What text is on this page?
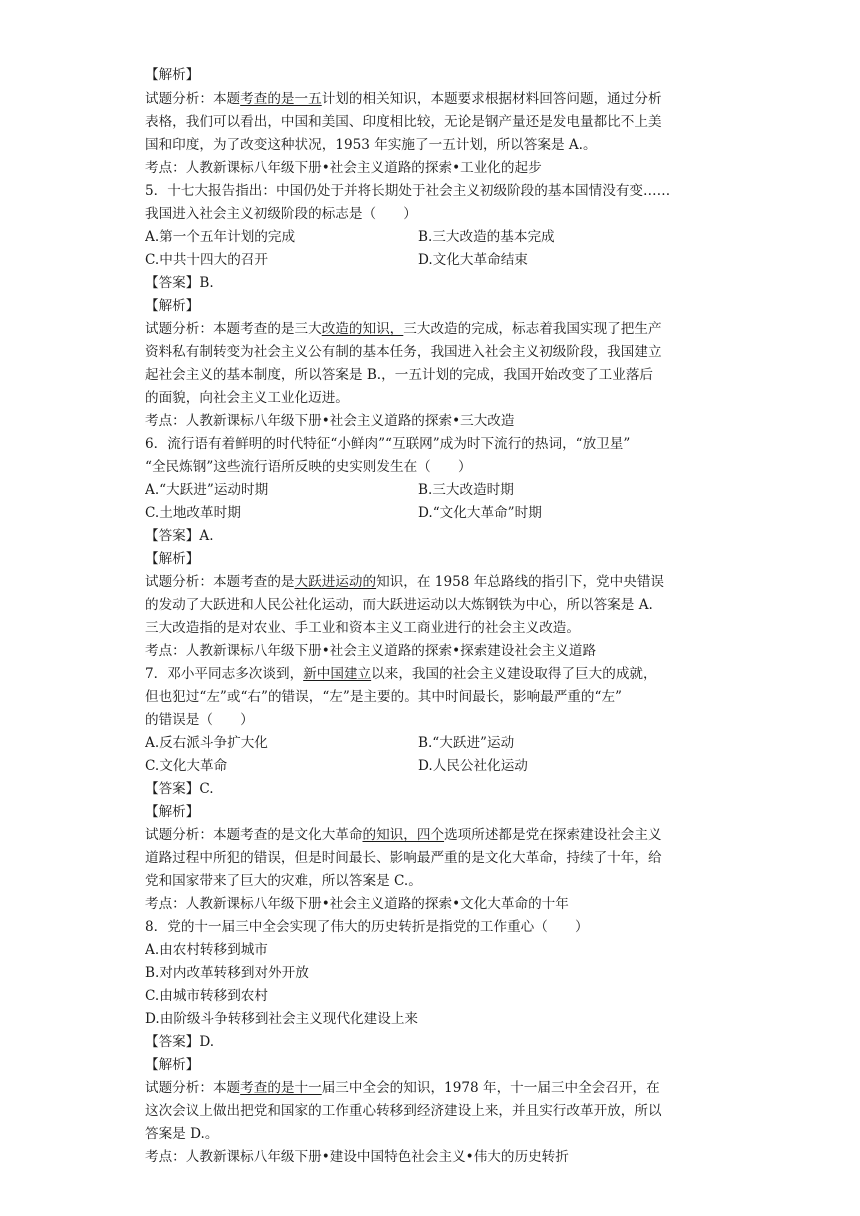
【解析】
试题分析：本题考查的是一五计划的相关知识，本题要求根据材料回答问题，通过分析
表格，我们可以看出，中国和美国、印度相比较，无论是钢产量还是发电量都比不上美
国和印度，为了改变这种状况，1953 年实施了一五计划，所以答案是 A.。
考点：人教新课标八年级下册•社会主义道路的探索•工业化的起步
5．十七大报告指出：中国仍处于并将长期处于社会主义初级阶段的基本国情没有变……
我国进入社会主义初级阶段的标志是（　　）
A.第一个五年计划的完成	B.三大改造的基本完成
C.中共十四大的召开	D.文化大革命结束
【答案】B.
【解析】
试题分析：本题考查的是三大改造的知识，三大改造的完成，标志着我国实现了把生产
资料私有制转变为社会主义公有制的基本任务，我国进入社会主义初级阶段，我国建立
起社会主义的基本制度，所以答案是 B.，一五计划的完成，我国开始改变了工业落后
的面貌，向社会主义工业化迈进。
考点：人教新课标八年级下册•社会主义道路的探索•三大改造
6．流行语有着鲜明的时代特征“小鲜肉”“互联网”成为时下流行的热词，“放卫星”
“全民炼钢”这些流行语所反映的史实则发生在（　　）
A.“大跃进”运动时期	B.三大改造时期
C.土地改革时期	D.“文化大革命”时期
【答案】A.
【解析】
试题分析：本题考查的是大跃进运动的知识，在 1958 年总路线的指引下，党中央错误
的发动了大跃进和人民公社化运动，而大跃进运动以大炼钢铁为中心，所以答案是 A.
三大改造指的是对农业、手工业和资本主义工商业进行的社会主义改造。
考点：人教新课标八年级下册•社会主义道路的探索•探索建设社会主义道路
7．邓小平同志多次谈到，新中国建立以来，我国的社会主义建设取得了巨大的成就，
但也犯过“左”或“右”的错误，“左”是主要的。其中时间最长，影响最严重的“左”
的错误是（　　）
A.反右派斗争扩大化	B.“大跃进”运动
C.文化大革命	D.人民公社化运动
【答案】C.
【解析】
试题分析：本题考查的是文化大革命的知识，四个选项所述都是党在探索建设社会主义
道路过程中所犯的错误，但是时间最长、影响最严重的是文化大革命，持续了十年，给
党和国家带来了巨大的灾难，所以答案是 C.。
考点：人教新课标八年级下册•社会主义道路的探索•文化大革命的十年
8．党的十一届三中全会实现了伟大的历史转折是指党的工作重心（　　）
A.由农村转移到城市
B.对内改革转移到对外开放
C.由城市转移到农村
D.由阶级斗争转移到社会主义现代化建设上来
【答案】D.
【解析】
试题分析：本题考查的是十一届三中全会的知识，1978 年，十一届三中全会召开，在
这次会议上做出把党和国家的工作重心转移到经济建设上来，并且实行改革开放，所以
答案是 D.。
考点：人教新课标八年级下册•建设中国特色社会主义•伟大的历史转折
